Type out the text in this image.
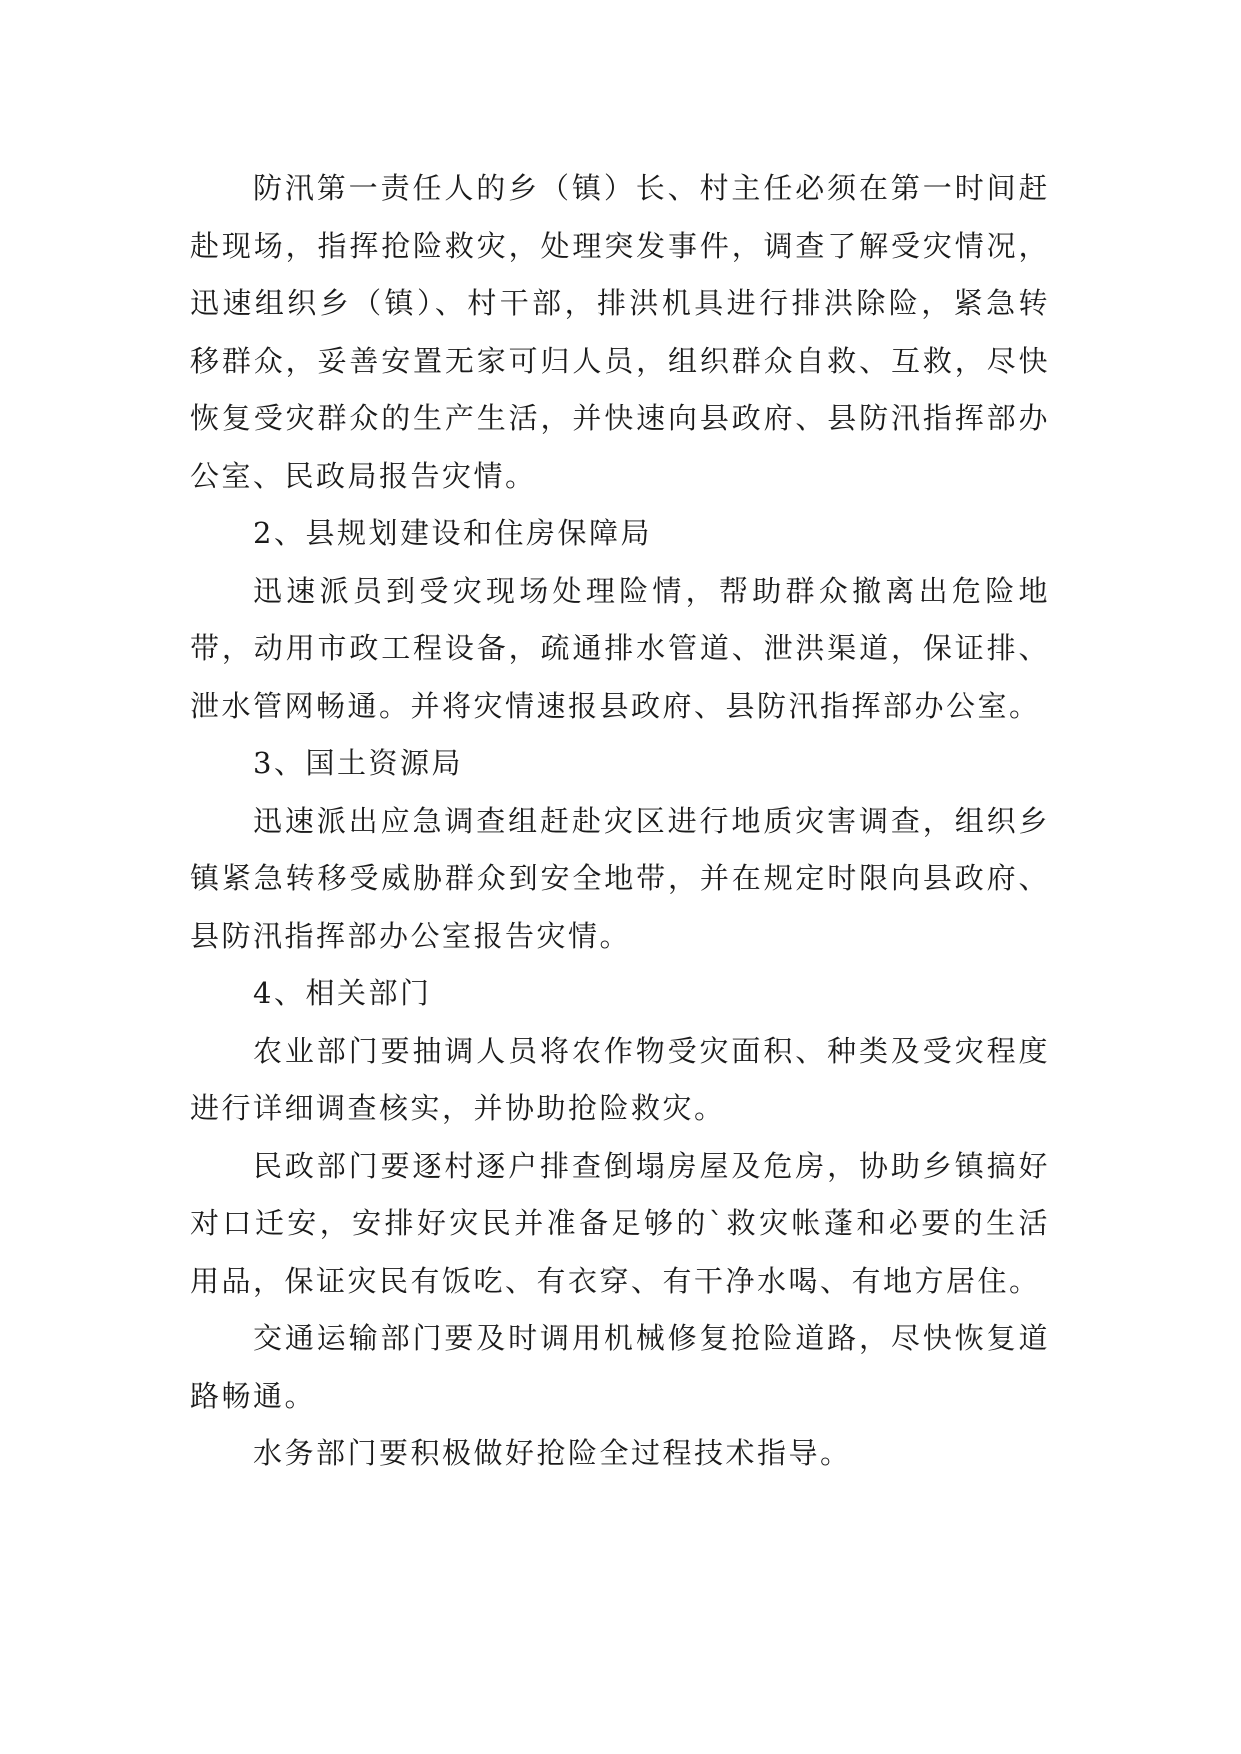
防汛第一责任人的乡（镇）长、村主任必须在第一时间赶赴现场，指挥抢险救灾，处理突发事件，调查了解受灾情况，迅速组织乡（镇）、村干部，排洪机具进行排洪除险，紧急转移群众，妥善安置无家可归人员，组织群众自救、互救，尽快恢复受灾群众的生产生活，并快速向县政府、县防汛指挥部办公室、民政局报告灾情。

2、县规划建设和住房保障局

迅速派员到受灾现场处理险情，帮助群众撤离出危险地带，动用市政工程设备，疏通排水管道、泄洪渠道，保证排、泄水管网畅通。并将灾情速报县政府、县防汛指挥部办公室。

3、国土资源局

迅速派出应急调查组赶赴灾区进行地质灾害调查，组织乡镇紧急转移受威胁群众到安全地带，并在规定时限向县政府、县防汛指挥部办公室报告灾情。

4、相关部门

农业部门要抽调人员将农作物受灾面积、种类及受灾程度进行详细调查核实，并协助抢险救灾。

民政部门要逐村逐户排查倒塌房屋及危房，协助乡镇搞好对口迁安，安排好灾民并准备足够的`救灾帐蓬和必要的生活用品，保证灾民有饭吃、有衣穿、有干净水喝、有地方居住。

交通运输部门要及时调用机械修复抢险道路，尽快恢复道路畅通。

水务部门要积极做好抢险全过程技术指导。
